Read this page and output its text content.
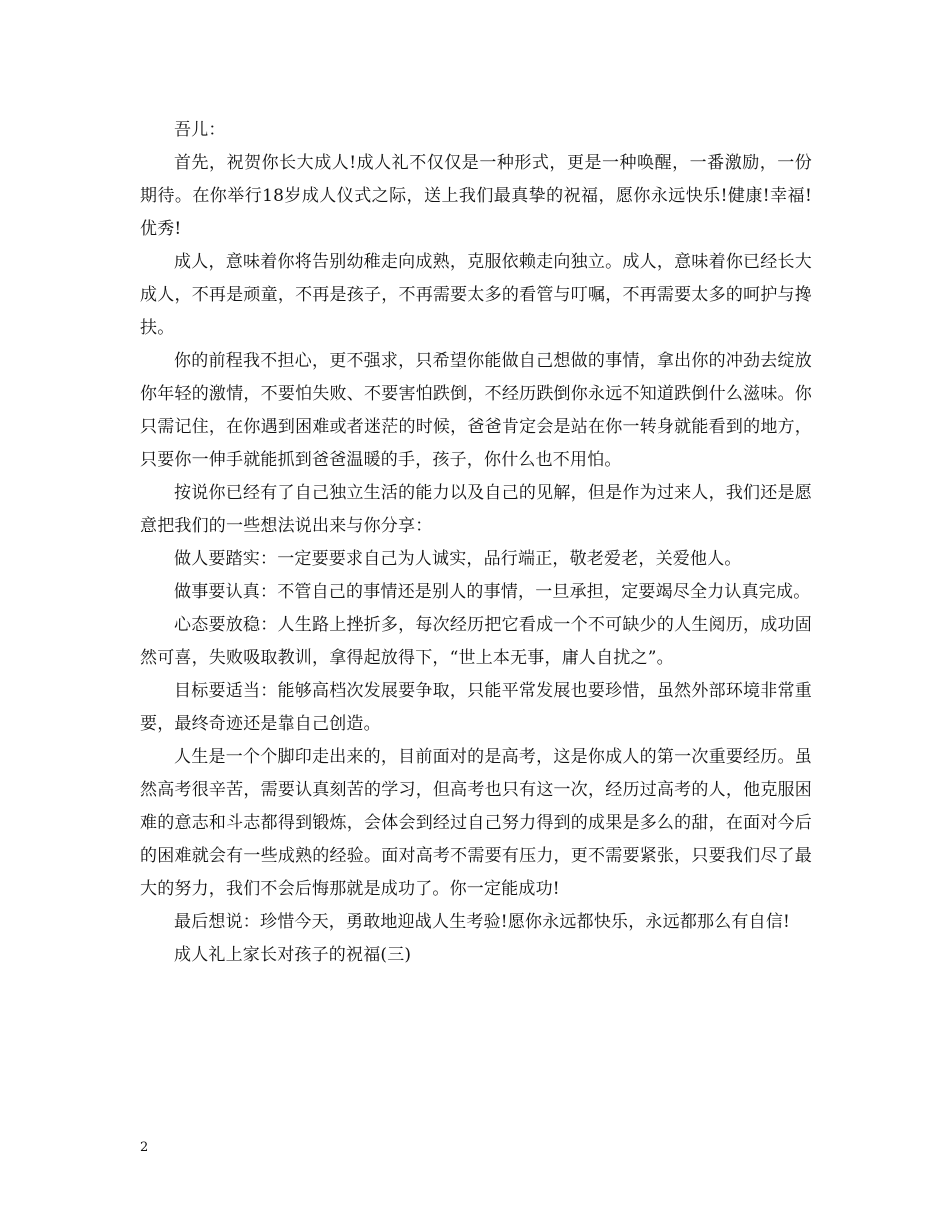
吾儿：

首先，祝贺你长大成人!成人礼不仅仅是一种形式，更是一种唤醒，一番激励，一份期待。在你举行18岁成人仪式之际，送上我们最真挚的祝福，愿你永远快乐!健康!幸福!优秀!

成人，意味着你将告别幼稚走向成熟，克服依赖走向独立。成人，意味着你已经长大成人，不再是顽童，不再是孩子，不再需要太多的看管与叮嘱，不再需要太多的呵护与搀扶。

你的前程我不担心，更不强求，只希望你能做自己想做的事情，拿出你的冲劲去绽放你年轻的激情，不要怕失败、不要害怕跌倒，不经历跌倒你永远不知道跌倒什么滋味。你只需记住，在你遇到困难或者迷茫的时候，爸爸肯定会是站在你一转身就能看到的地方，只要你一伸手就能抓到爸爸温暖的手，孩子，你什么也不用怕。

按说你已经有了自己独立生活的能力以及自己的见解，但是作为过来人，我们还是愿意把我们的一些想法说出来与你分享：

做人要踏实：一定要要求自己为人诚实，品行端正，敬老爱老，关爱他人。

做事要认真：不管自己的事情还是别人的事情，一旦承担，定要竭尽全力认真完成。

心态要放稳：人生路上挫折多，每次经历把它看成一个不可缺少的人生阅历，成功固然可喜，失败吸取教训，拿得起放得下，“世上本无事，庸人自扰之”。

目标要适当：能够高档次发展要争取，只能平常发展也要珍惜，虽然外部环境非常重要，最终奇迹还是靠自己创造。

人生是一个个脚印走出来的，目前面对的是高考，这是你成人的第一次重要经历。虽然高考很辛苦，需要认真刻苦的学习，但高考也只有这一次，经历过高考的人，他克服困难的意志和斗志都得到锻炼，会体会到经过自己努力得到的成果是多么的甜，在面对今后的困难就会有一些成熟的经验。面对高考不需要有压力，更不需要紧张，只要我们尽了最大的努力，我们不会后悔那就是成功了。你一定能成功!

最后想说：珍惜今天，勇敢地迎战人生考验!愿你永远都快乐，永远都那么有自信!

成人礼上家长对孩子的祝福(三)

2
